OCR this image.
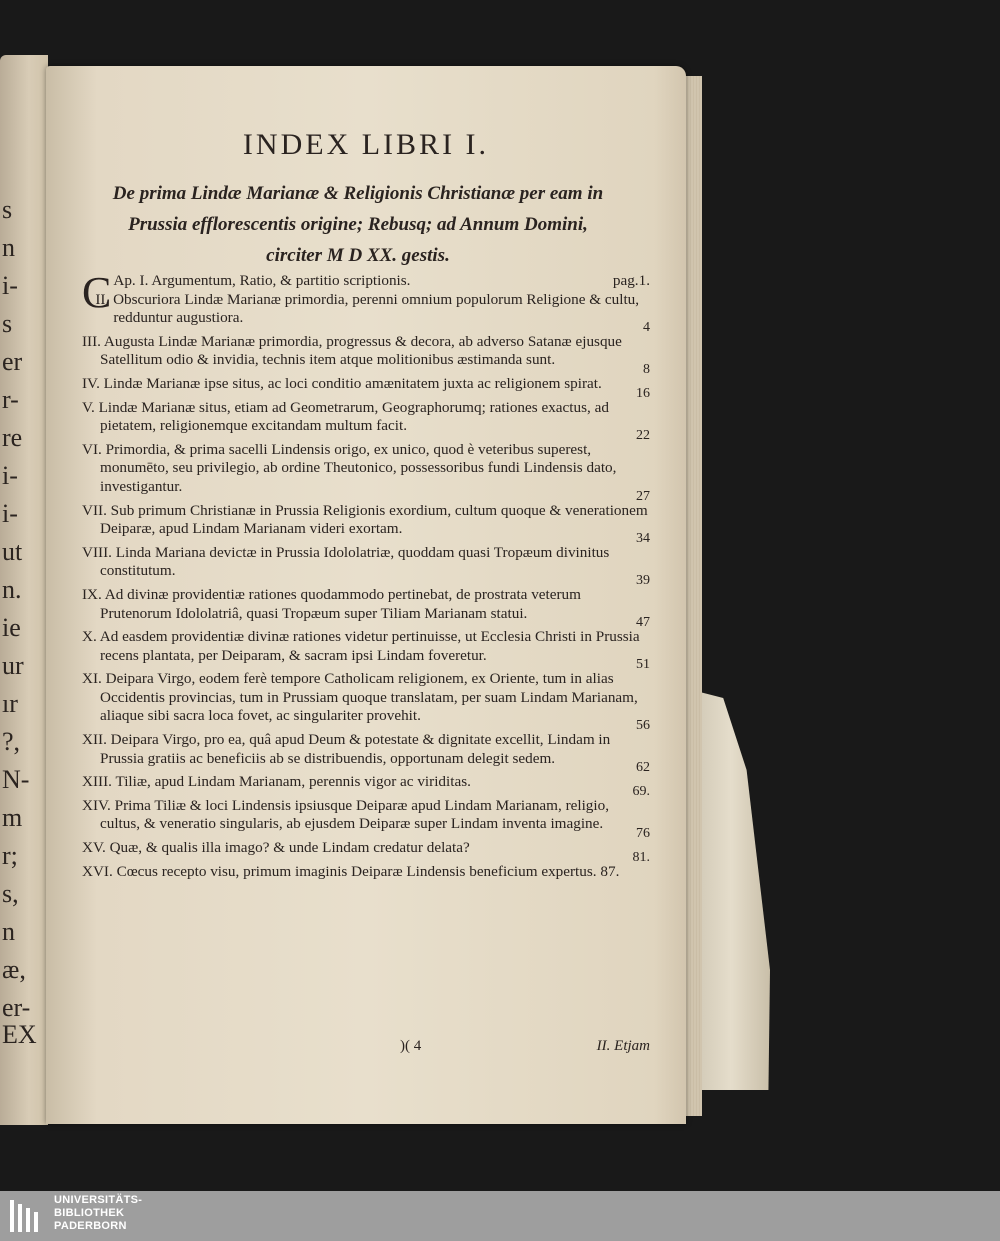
s
n
i-
s
er
r-
re
i-
i-
ut
n.
ie
ur
ır
?,
N-
m
r;
s,
n
æ,
er-
EX
INDEX LIBRI I.
De prima Lindæ Marianæ & Religionis Christianæ per eam in Prussia efflorescentis origine; Rebusq; ad Annum Domini, circiter M D XX. gestis.

C Ap. I. Argumentum, Ratio, & partitio scriptionis.	pag.1.

II. Obscuriora Lindæ Marianæ primordia, perenni omnium populorum Religione & cultu, redduntur augustiora.
4

III. Augusta Lindæ Marianæ primordia, progressus & decora, ab adverso Satanæ ejusque Satellitum odio & invidia, technis item atque molitionibus æstimanda sunt.
8

IV. Lindæ Marianæ ipse situs, ac loci conditio amænitatem juxta ac religionem spirat.
16

V. Lindæ Marianæ situs, etiam ad Geometrarum, Geographorumq; rationes exactus, ad pietatem, religionemque excitandam multum facit.
22

VI. Primordia, & prima sacelli Lindensis origo, ex unico, quod è veteribus superest, monumēto, seu privilegio, ab ordine Theutonico, possessoribus fundi Lindensis dato, investigantur.
27

VII. Sub primum Christianæ in Prussia Religionis exordium, cultum quoque & venerationem Deiparæ, apud Lindam Marianam videri exortam.
34

VIII. Linda Mariana devictæ in Prussia Idololatriæ, quoddam quasi Tropæum divinitus constitutum.
39

IX. Ad divinæ providentiæ rationes quodammodo pertinebat, de prostrata veterum Prutenorum Idololatriâ, quasi Tropæum super Tiliam Marianam statui.
47

X. Ad easdem providentiæ divinæ rationes videtur pertinuisse, ut Ecclesia Christi in Prussia recens plantata, per Deiparam, & sacram ipsi Lindam foveretur.
51

XI. Deipara Virgo, eodem ferè tempore Catholicam religionem, ex Oriente, tum in alias Occidentis provincias, tum in Prussiam quoque translatam, per suam Lindam Marianam, aliaque sibi sacra loca fovet, ac singulariter provehit.
56

XII. Deipara Virgo, pro ea, quâ apud Deum & potestate & dignitate excellit, Lindam in Prussia gratiis ac beneficiis ab se distribuendis, opportunam delegit sedem.
62

XIII. Tiliæ, apud Lindam Marianam, perennis vigor ac viriditas.
69.

XIV. Prima Tiliæ & loci Lindensis ipsiusque Deiparæ apud Lindam Marianam, religio, cultus, & veneratio singularis, ab ejusdem Deiparæ super Lindam inventa imagine.
76

XV. Quæ, & qualis illa imago? & unde Lindam credatur delata?
81.

XVI. Cœcus recepto visu, primum imaginis Deiparæ Lindensis beneficium expertus. 87.

)( 4	II. Etjam
UNIVERSITÄTS-
BIBLIOTHEK
PADERBORN
